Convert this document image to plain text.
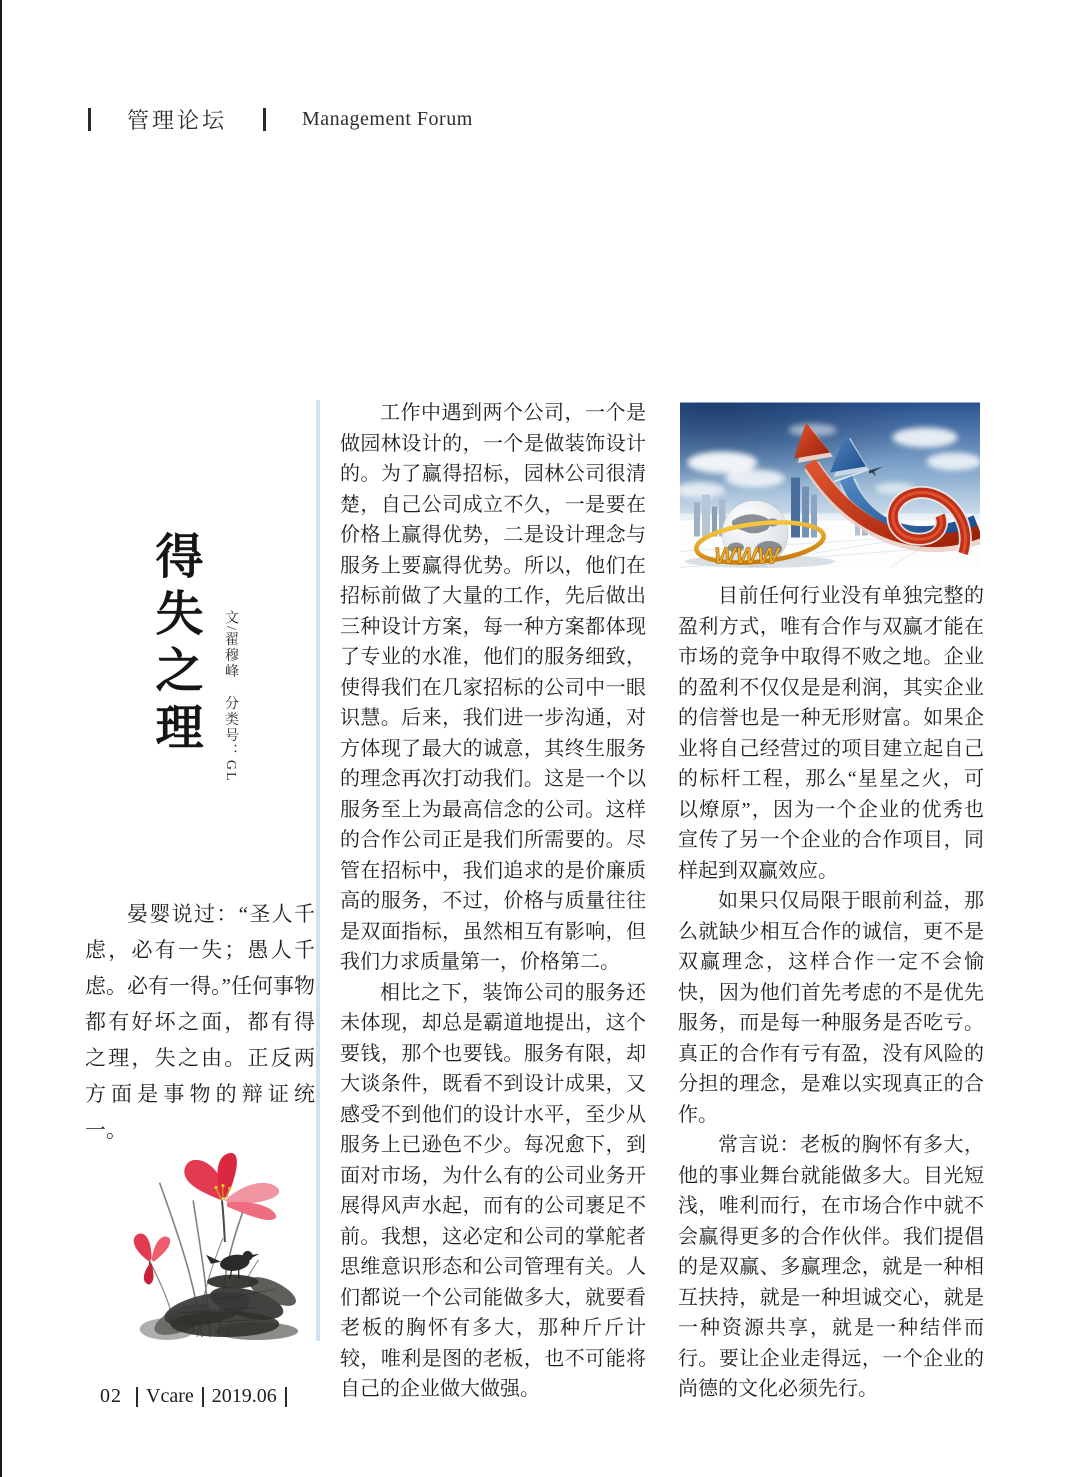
管理论坛	Management Forum
得失之理	文/翟穆峰　分类号：GL

晏婴说过：“圣人千虑，必有一失；愚人千虑。必有一得。”任何事物都有好坏之面，都有得之理，失之由。正反两方面是事物的辩证统一。

工作中遇到两个公司，一个是做园林设计的，一个是做装饰设计的。为了赢得招标，园林公司很清楚，自己公司成立不久，一是要在价格上赢得优势，二是设计理念与服务上要赢得优势。所以，他们在招标前做了大量的工作，先后做出三种设计方案，每一种方案都体现了专业的水准，他们的服务细致，使得我们在几家招标的公司中一眼识慧。后来，我们进一步沟通，对方体现了最大的诚意，其终生服务的理念再次打动我们。这是一个以服务至上为最高信念的公司。这样的合作公司正是我们所需要的。尽管在招标中，我们追求的是价廉质高的服务，不过，价格与质量往往是双面指标，虽然相互有影响，但我们力求质量第一，价格第二。

相比之下，装饰公司的服务还未体现，却总是霸道地提出，这个要钱，那个也要钱。服务有限，却大谈条件，既看不到设计成果，又感受不到他们的设计水平，至少从服务上已逊色不少。每况愈下，到面对市场，为什么有的公司业务开展得风声水起，而有的公司裹足不前。我想，这必定和公司的掌舵者思维意识形态和公司管理有关。人们都说一个公司能做多大，就要看老板的胸怀有多大，那种斤斤计较，唯利是图的老板，也不可能将自己的企业做大做强。

WWW

目前任何行业没有单独完整的盈利方式，唯有合作与双赢才能在市场的竞争中取得不败之地。企业的盈利不仅仅是是利润，其实企业的信誉也是一种无形财富。如果企业将自己经营过的项目建立起自己的标杆工程，那么“星星之火，可以燎原”，因为一个企业的优秀也宣传了另一个企业的合作项目，同样起到双赢效应。

如果只仅局限于眼前利益，那么就缺少相互合作的诚信，更不是双赢理念，这样合作一定不会愉快，因为他们首先考虑的不是优先服务，而是每一种服务是否吃亏。真正的合作有亏有盈，没有风险的分担的理念，是难以实现真正的合作。

常言说：老板的胸怀有多大，他的事业舞台就能做多大。目光短浅，唯利而行，在市场合作中就不会赢得更多的合作伙伴。我们提倡的是双赢、多赢理念，就是一种相互扶持，就是一种坦诚交心，就是一种资源共享，就是一种结伴而行。要让企业走得远，一个企业的尚德的文化必须先行。

02 Vcare 2019.06
